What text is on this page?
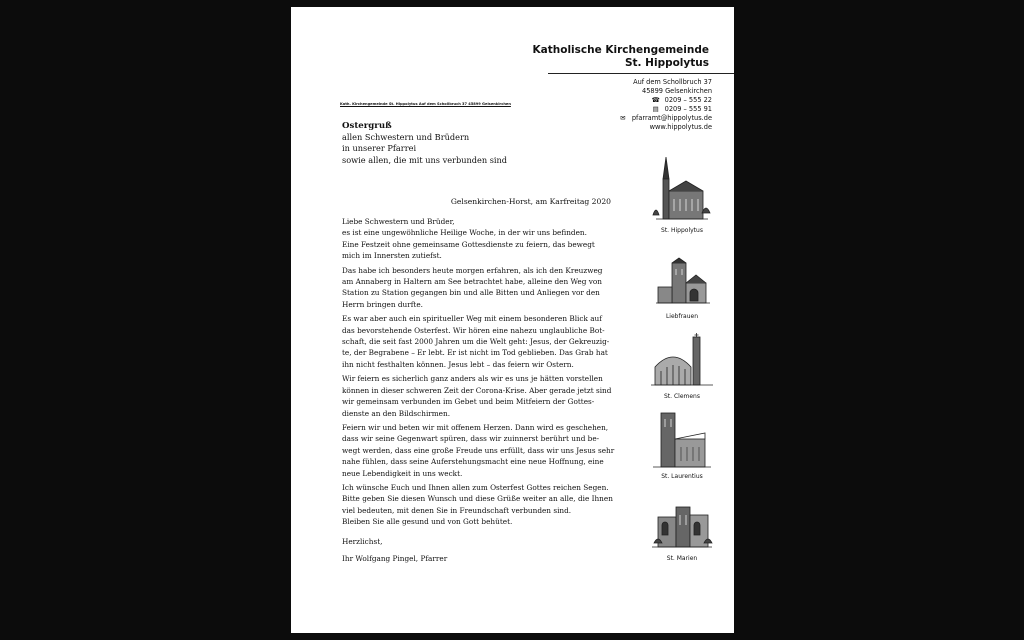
Katholische Kirchengemeinde
St. Hippolytus
Auf dem Schollbruch 37
45899 Gelsenkirchen
☎ 0209 – 555 22
▤ 0209 – 555 91
✉ pfarramt@hippolytus.de
www.hippolytus.de
Kath. Kirchengemeinde St. Hippolytus Auf dem Schollbruch 37 45899 Gelsenkirchen
Ostergruß
allen Schwestern und Brüdern
in unserer Pfarrei
sowie allen, die mit uns verbunden sind
Gelsenkirchen-Horst, am Karfreitag 2020

Liebe Schwestern und Brüder,

es ist eine ungewöhnliche Heilige Woche, in der wir uns befinden.
Eine Festzeit ohne gemeinsame Gottesdienste zu feiern, das bewegt
mich im Innersten zutiefst.

Das habe ich besonders heute morgen erfahren, als ich den Kreuzweg
am Annaberg in Haltern am See betrachtet habe, alleine den Weg von
Station zu Station gegangen bin und alle Bitten und Anliegen vor den
Herrn bringen durfte.

Es war aber auch ein spiritueller Weg mit einem besonderen Blick auf
das bevorstehende Osterfest. Wir hören eine nahezu unglaubliche Bot-
schaft, die seit fast 2000 Jahren um die Welt geht: Jesus, der Gekreuzig-
te, der Begrabene – Er lebt. Er ist nicht im Tod geblieben. Das Grab hat
ihn nicht festhalten können. Jesus lebt – das feiern wir Ostern.

Wir feiern es sicherlich ganz anders als wir es uns je hätten vorstellen
können in dieser schweren Zeit der Corona-Krise. Aber gerade jetzt sind
wir gemeinsam verbunden im Gebet und beim Mitfeiern der Gottes-
dienste an den Bildschirmen.

Feiern wir und beten wir mit offenem Herzen. Dann wird es geschehen,
dass wir seine Gegenwart spüren, dass wir zuinnerst berührt und be-
wegt werden, dass eine große Freude uns erfüllt, dass wir uns Jesus sehr
nahe fühlen, dass seine Auferstehungsmacht eine neue Hoffnung, eine
neue Lebendigkeit in uns weckt.

Ich wünsche Euch und Ihnen allen zum Osterfest Gottes reichen Segen.
Bitte geben Sie diesen Wunsch und diese Grüße weiter an alle, die Ihnen
viel bedeuten, mit denen Sie in Freundschaft verbunden sind.
Bleiben Sie alle gesund und von Gott behütet.

Herzlichst,
Ihr Wolfgang Pingel, Pfarrer
St. Hippolytus
Liebfrauen
St. Clemens
St. Laurentius
St. Marien
